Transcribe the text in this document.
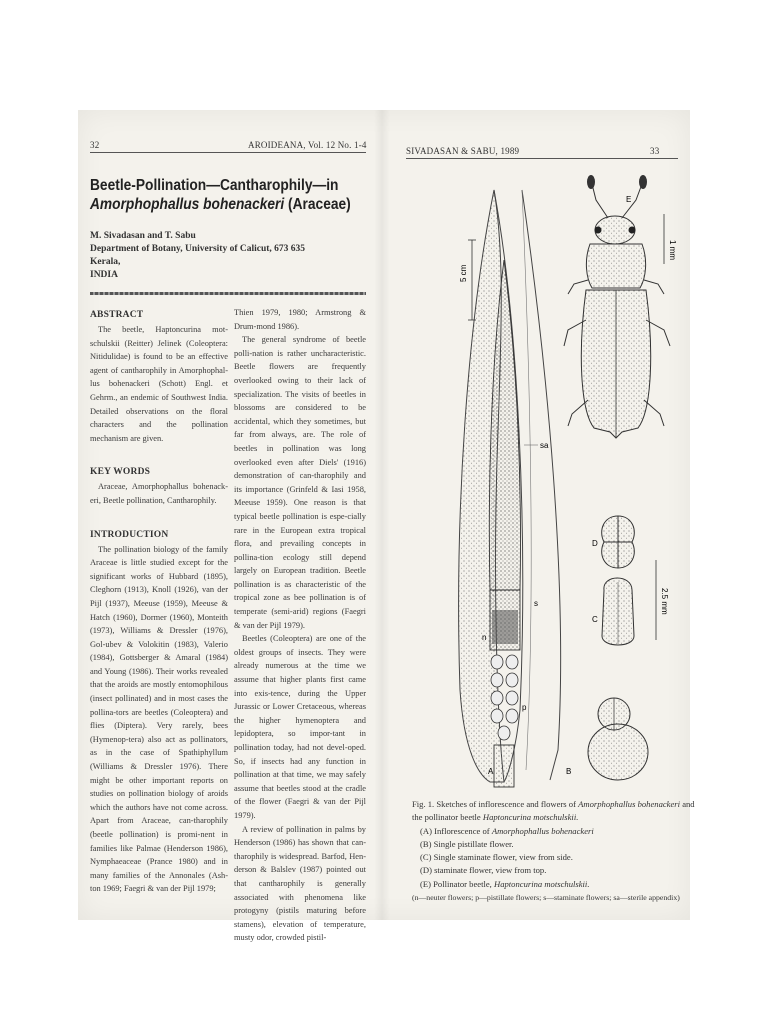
32	AROIDEANA, Vol. 12 No. 1-4
Beetle-Pollination—Cantharophily—in
Amorphophallus bohenackeri (Araceae)
M. Sivadasan and T. Sabu
Department of Botany, University of Calicut, 673 635
Kerala,
INDIA
ABSTRACT

The beetle, Haptoncurina mot-schulskii (Reitter) Jelinek (Coleoptera: Nitidulidae) is found to be an effective agent of cantharophily in Amorphophal-lus bohenackeri (Schott) Engl. et Gehrm., an endemic of Southwest India. Detailed observations on the floral characters and the pollination mechanism are given.

KEY WORDS

Araceae, Amorphophallus bohenack-eri, Beetle pollination, Cantharophily.

INTRODUCTION

The pollination biology of the family Araceae is little studied except for the significant works of Hubbard (1895), Cleghorn (1913), Knoll (1926), van der Pijl (1937), Meeuse (1959), Meeuse & Hatch (1960), Dormer (1960), Monteith (1973), Williams & Dressler (1976), Gol-ubev & Volokitin (1983), Valerio (1984), Gottsberger & Amaral (1984) and Young (1986). Their works revealed that the aroids are mostly entomophilous (insect pollinated) and in most cases the pollina-tors are beetles (Coleoptera) and flies (Diptera). Very rarely, bees (Hymenop-tera) also act as pollinators, as in the case of Spathiphyllum (Williams & Dressler 1976). There might be other important reports on studies on pollination biology of aroids which the authors have not come across. Apart from Araceae, can-tharophily (beetle pollination) is promi-nent in families like Palmae (Henderson 1986), Nymphaeaceae (Prance 1980) and in many families of the Annonales (Ash-ton 1969; Faegri & van der Pijl 1979;

Thien 1979, 1980; Armstrong & Drum-mond 1986).

The general syndrome of beetle polli-nation is rather uncharacteristic. Beetle flowers are frequently overlooked owing to their lack of specialization. The visits of beetles in blossoms are considered to be accidental, which they sometimes, but far from always, are. The role of beetles in pollination was long overlooked even after Diels' (1916) demonstration of can-tharophily and its importance (Grinfeld & Iasi 1958, Meeuse 1959). One reason is that typical beetle pollination is espe-cially rare in the European extra tropical flora, and prevailing concepts in pollina-tion ecology still depend largely on European tradition. Beetle pollination is as characteristic of the tropical zone as bee pollination is of temperate (semi-arid) regions (Faegri & van der Pijl 1979).

Beetles (Coleoptera) are one of the oldest groups of insects. They were already numerous at the time we assume that higher plants first came into exis-tence, during the Upper Jurassic or Lower Cretaceous, whereas the higher hymenoptera and lepidoptera, so impor-tant in pollination today, had not devel-oped. So, if insects had any function in pollination at that time, we may safely assume that beetles stood at the cradle of the flower (Faegri & van der Pijl 1979).

A review of pollination in palms by Henderson (1986) has shown that can-tharophily is widespread. Barfod, Hen-derson & Balslev (1987) pointed out that cantharophily is generally associated with phenomena like protogyny (pistils maturing before stamens), elevation of temperature, musty odor, crowded pistil-

SIVADASAN & SABU, 1989	33
5 cm
sa
s
n
p
A
E
1 mm
D
C
2.5 mm
B
Fig. 1. Sketches of inflorescence and flowers of Amorphophallus bohenackeri and
the pollinator beetle Haptoncurina motschulskii.
(A) Inflorescence of Amorphophallus bohenackeri
(B) Single pistillate flower.
(C) Single staminate flower, view from side.
(D) staminate flower, view from top.
(E) Pollinator beetle, Haptoncurina motschulskii.
(n—neuter flowers; p—pistillate flowers; s—staminate flowers; sa—sterile appendix)
